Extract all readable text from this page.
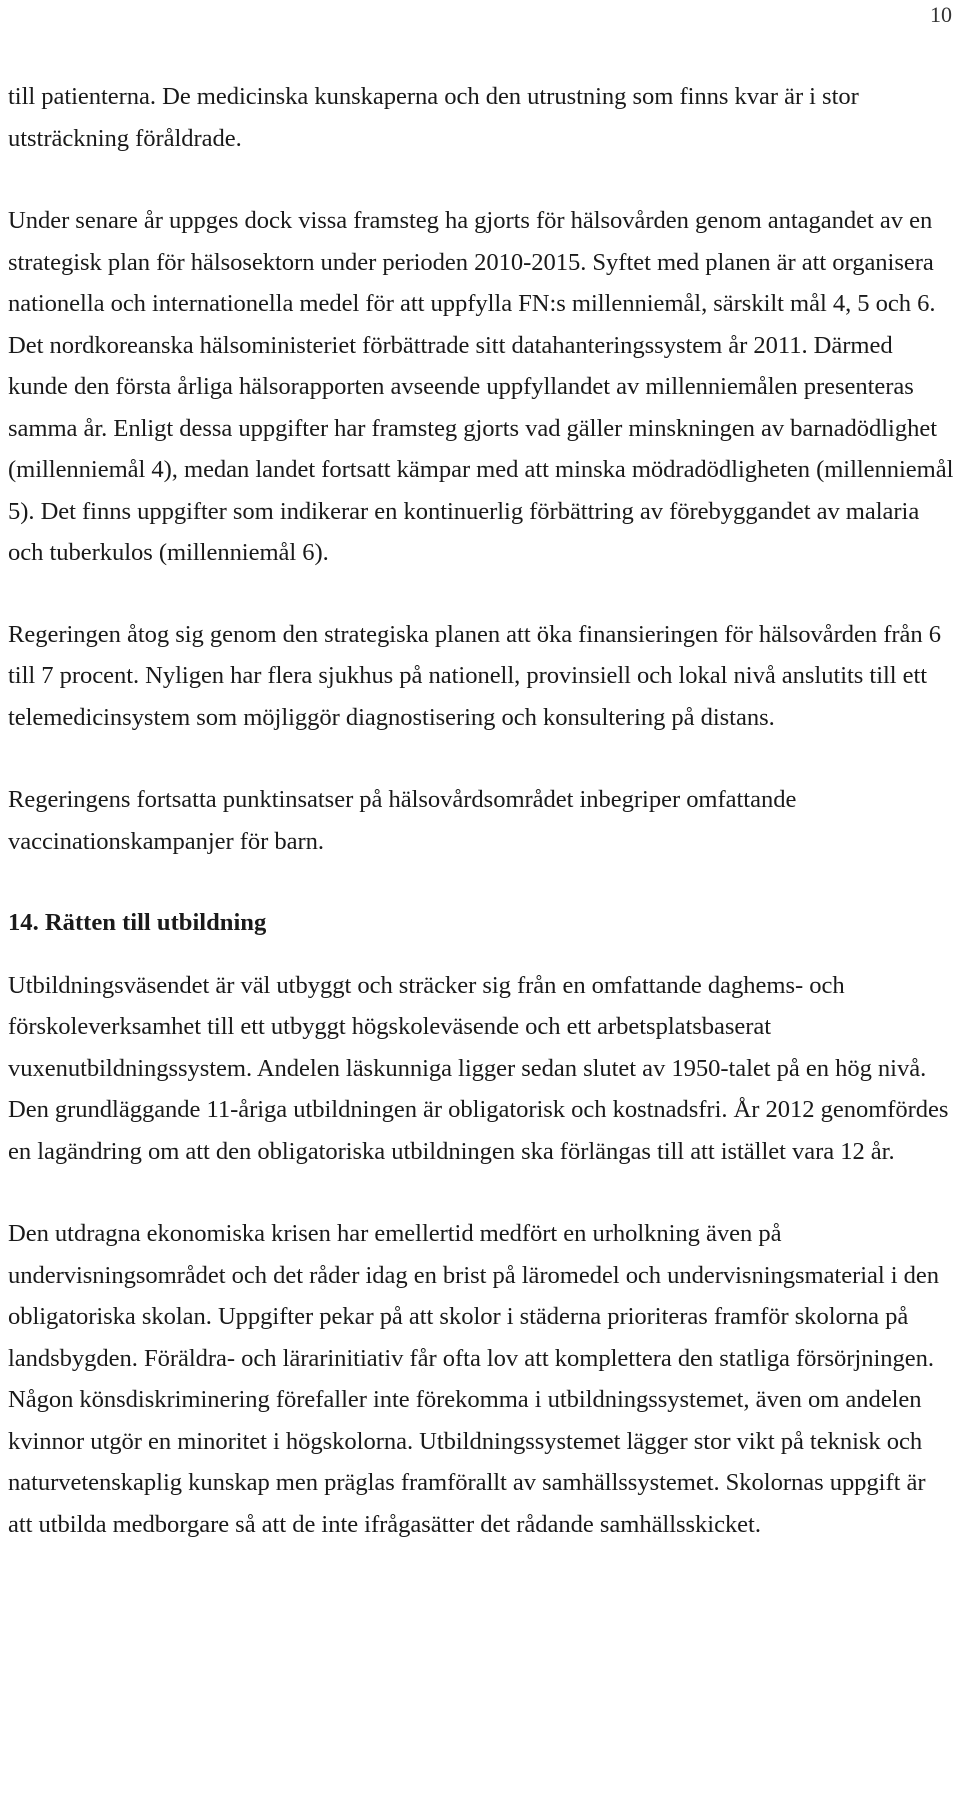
10

till patienterna. De medicinska kunskaperna och den utrustning som finns kvar är i stor utsträckning föråldrade.

Under senare år uppges dock vissa framsteg ha gjorts för hälsovården genom antagandet av en strategisk plan för hälsosektorn under perioden 2010-2015. Syftet med planen är att organisera nationella och internationella medel för att uppfylla FN:s millenniemål, särskilt mål 4, 5 och 6. Det nordkoreanska hälsoministeriet förbättrade sitt datahanteringssystem år 2011. Därmed kunde den första årliga hälsorapporten avseende uppfyllandet av millenniemålen presenteras samma år. Enligt dessa uppgifter har framsteg gjorts vad gäller minskningen av barnadödlighet (millenniemål 4), medan landet fortsatt kämpar med att minska mödradödligheten (millenniemål 5). Det finns uppgifter som indikerar en kontinuerlig förbättring av förebyggandet av malaria och tuberkulos (millenniemål 6).

Regeringen åtog sig genom den strategiska planen att öka finansieringen för hälsovården från 6 till 7 procent. Nyligen har flera sjukhus på nationell, provinsiell och lokal nivå anslutits till ett telemedicinsystem som möjliggör diagnostisering och konsultering på distans.

Regeringens fortsatta punktinsatser på hälsovårdsområdet inbegriper omfattande vaccinationskampanjer för barn.

14. Rätten till utbildning

Utbildningsväsendet är väl utbyggt och sträcker sig från en omfattande daghems- och förskoleverksamhet till ett utbyggt högskoleväsende och ett arbetsplatsbaserat vuxenutbildningssystem. Andelen läskunniga ligger sedan slutet av 1950-talet på en hög nivå. Den grundläggande 11-åriga utbildningen är obligatorisk och kostnadsfri. År 2012 genomfördes en lagändring om att den obligatoriska utbildningen ska förlängas till att istället vara 12 år.

Den utdragna ekonomiska krisen har emellertid medfört en urholkning även på undervisningsområdet och det råder idag en brist på läromedel och undervisningsmaterial i den obligatoriska skolan. Uppgifter pekar på att skolor i städerna prioriteras framför skolorna på landsbygden. Föräldra- och lärarinitiativ får ofta lov att komplettera den statliga försörjningen. Någon könsdiskriminering förefaller inte förekomma i utbildningssystemet, även om andelen kvinnor utgör en minoritet i högskolorna. Utbildningssystemet lägger stor vikt på teknisk och naturvetenskaplig kunskap men präglas framförallt av samhällssystemet. Skolornas uppgift är att utbilda medborgare så att de inte ifrågasätter det rådande samhällsskicket.
